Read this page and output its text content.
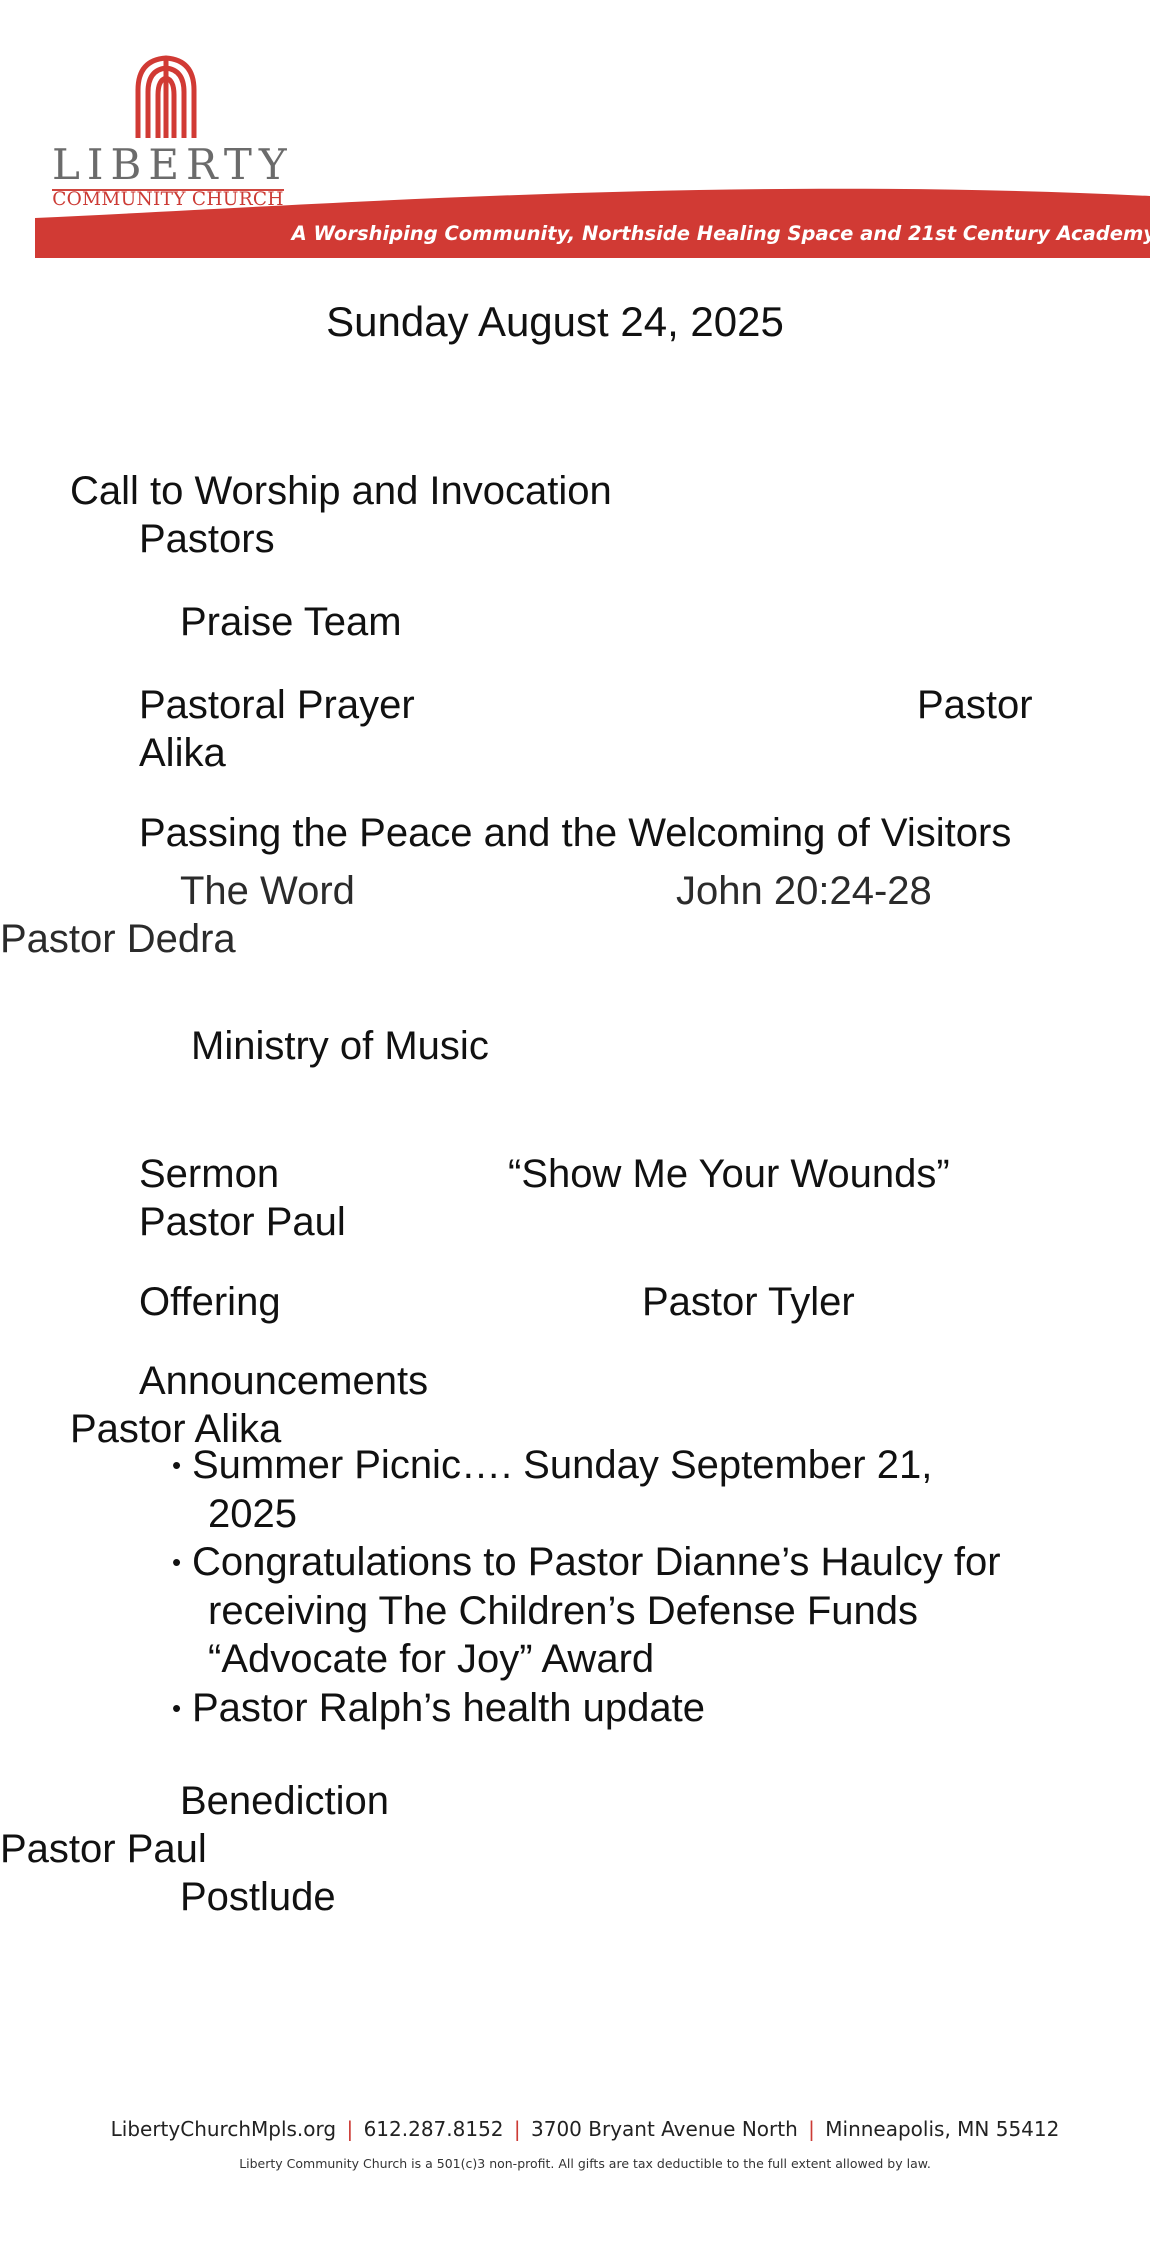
LIBERTY
COMMUNITY CHURCH
A Worshiping Community, Northside Healing Space and 21st Century Academy
Sunday August 24, 2025
Call to Worship and Invocation
Pastors
Praise Team
Pastoral Prayer	Pastor
Alika
Passing the Peace and the Welcoming of Visitors
The Word	John 20:24-28
Pastor Dedra
Ministry of Music
Sermon	“Show Me Your Wounds”
Pastor Paul
Offering	Pastor Tyler
Announcements
Pastor Alika
• Summer Picnic…. Sunday September 21,
2025
• Congratulations to Pastor Dianne’s Haulcy for
receiving The Children’s Defense Funds
“Advocate for Joy” Award
• Pastor Ralph’s health update
Benediction
Pastor Paul
Postlude
LibertyChurchMpls.org | 612.287.8152 | 3700 Bryant Avenue North | Minneapolis, MN 55412
Liberty Community Church is a 501(c)3 non-profit. All gifts are tax deductible to the full extent allowed by law.
